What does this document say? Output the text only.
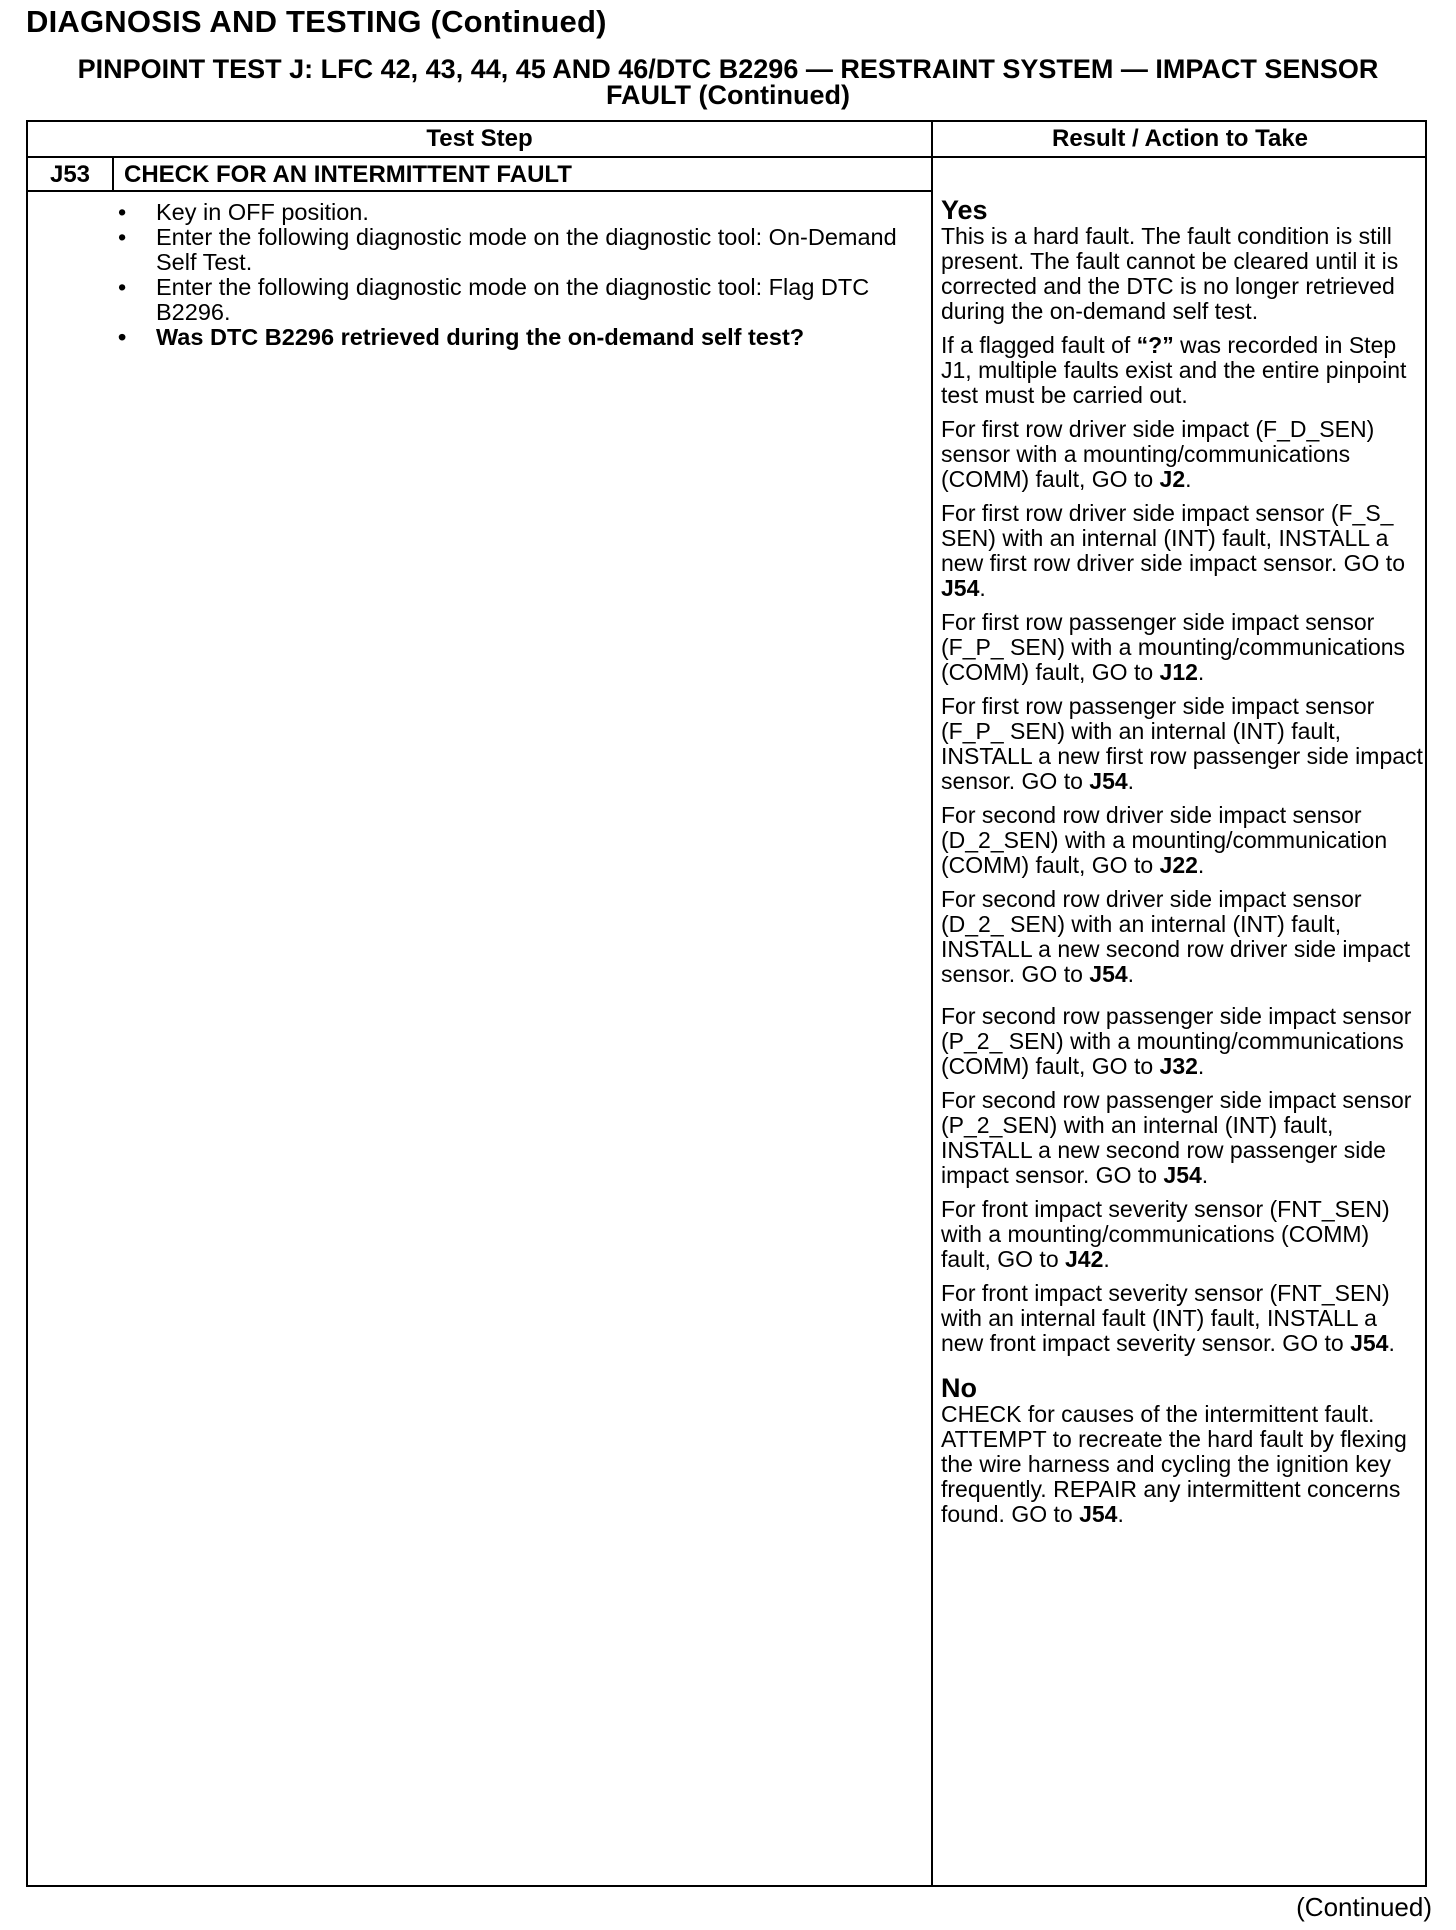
DIAGNOSIS AND TESTING (Continued)
PINPOINT TEST J: LFC 42, 43, 44, 45 AND 46/DTC B2296 — RESTRAINT SYSTEM — IMPACT SENSOR
FAULT (Continued)
Test Step	Result / Action to Take
J53	CHECK FOR AN INTERMITTENT FAULT
• Key in OFF position.
• Enter the following diagnostic mode on the diagnostic tool: On-Demand Self Test.
• Enter the following diagnostic mode on the diagnostic tool: Flag DTC B2296.
• Was DTC B2296 retrieved during the on-demand self test?
Yes

This is a hard fault. The fault condition is still present. The fault cannot be cleared until it is corrected and the DTC is no longer retrieved during the on-demand self test.

If a flagged fault of “?” was recorded in Step J1, multiple faults exist and the entire pinpoint test must be carried out.

For first row driver side impact (F_D_SEN) sensor with a mounting/communications (COMM) fault, GO to J2.

For first row driver side impact sensor (F_S_ SEN) with an internal (INT) fault, INSTALL a new first row driver side impact sensor. GO to J54.

For first row passenger side impact sensor (F_P_ SEN) with a mounting/communications (COMM) fault, GO to J12.

For first row passenger side impact sensor (F_P_ SEN) with an internal (INT) fault, INSTALL a new first row passenger side impact sensor. GO to J54.

For second row driver side impact sensor (D_2_SEN) with a mounting/communication (COMM) fault, GO to J22.

For second row driver side impact sensor (D_2_ SEN) with an internal (INT) fault, INSTALL a new second row driver side impact sensor. GO to J54.

For second row passenger side impact sensor (P_2_ SEN) with a mounting/communications (COMM) fault, GO to J32.

For second row passenger side impact sensor (P_2_SEN) with an internal (INT) fault, INSTALL a new second row passenger side impact sensor. GO to J54.

For front impact severity sensor (FNT_SEN) with a mounting/communications (COMM) fault, GO to J42.

For front impact severity sensor (FNT_SEN) with an internal fault (INT) fault, INSTALL a new front impact severity sensor. GO to J54.

No

CHECK for causes of the intermittent fault. ATTEMPT to recreate the hard fault by flexing the wire harness and cycling the ignition key frequently. REPAIR any intermittent concerns found. GO to J54.

(Continued)
